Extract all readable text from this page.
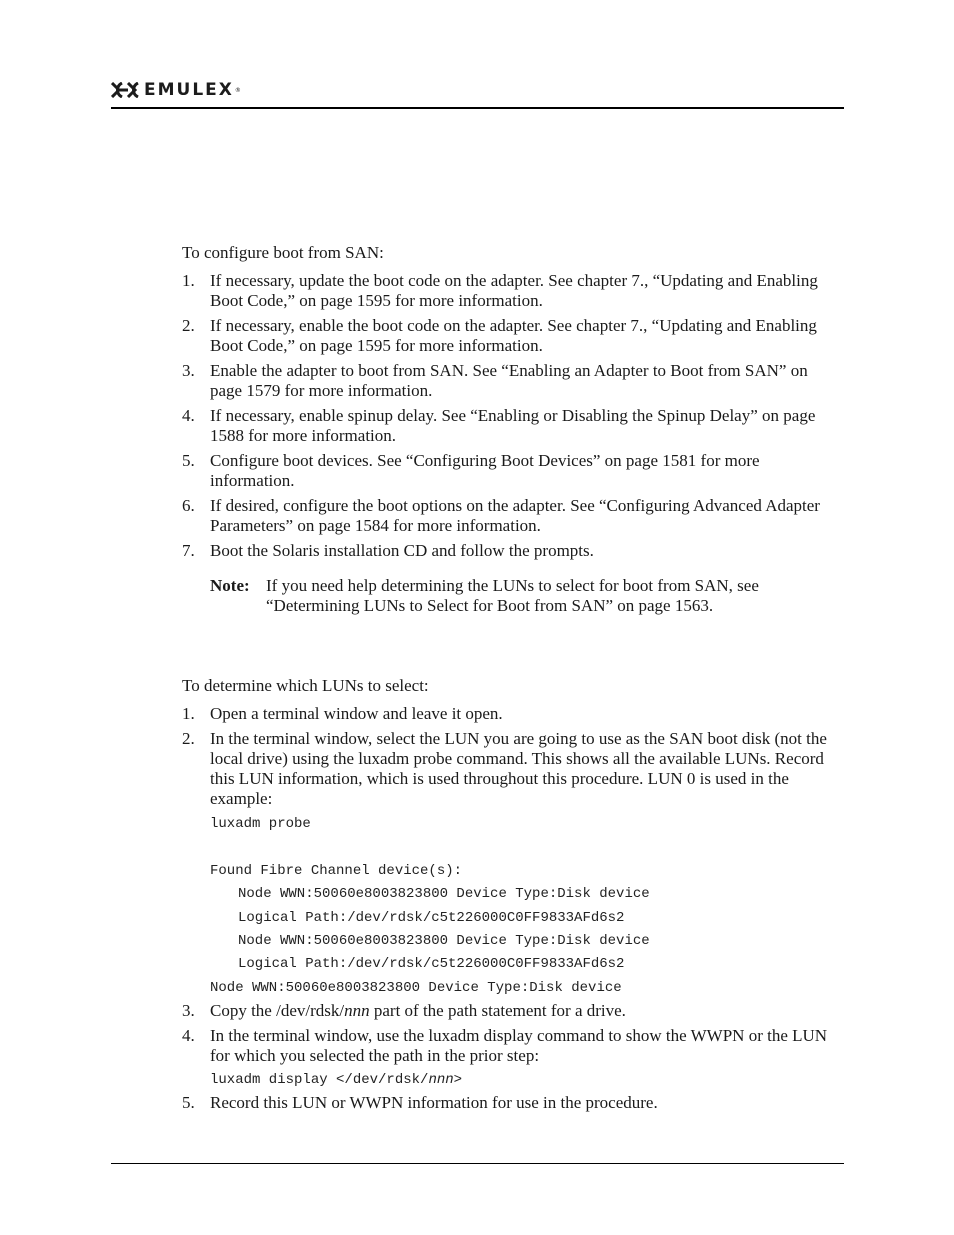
EMULEX ®

To configure boot from SAN:

1. If necessary, update the boot code on the adapter. See chapter 7., “Updating and Enabling Boot Code,” on page 1595 for more information.
2. If necessary, enable the boot code on the adapter. See chapter 7., “Updating and Enabling Boot Code,” on page 1595 for more information.
3. Enable the adapter to boot from SAN. See “Enabling an Adapter to Boot from SAN” on page 1579 for more information.
4. If necessary, enable spinup delay. See “Enabling or Disabling the Spinup Delay” on page 1588 for more information.
5. Configure boot devices. See “Configuring Boot Devices” on page 1581 for more information.
6. If desired, configure the boot options on the adapter. See “Configuring Advanced Adapter Parameters” on page 1584 for more information.
7. Boot the Solaris installation CD and follow the prompts.
Note: If you need help determining the LUNs to select for boot from SAN, see “Determining LUNs to Select for Boot from SAN” on page 1563.

To determine which LUNs to select:

1. Open a terminal window and leave it open.
2. In the terminal window, select the LUN you are going to use as the SAN boot disk (not the local drive) using the luxadm probe command. This shows all the available LUNs. Record this LUN information, which is used throughout this procedure. LUN 0 is used in the example:
luxadm probe

Found Fibre Channel device(s):
Node WWN:50060e8003823800 Device Type:Disk device
Logical Path:/dev/rdsk/c5t226000C0FF9833AFd6s2
Node WWN:50060e8003823800 Device Type:Disk device
Logical Path:/dev/rdsk/c5t226000C0FF9833AFd6s2
Node WWN:50060e8003823800 Device Type:Disk device
3. Copy the /dev/rdsk/nnn part of the path statement for a drive.
4. In the terminal window, use the luxadm display command to show the WWPN or the LUN for which you selected the path in the prior step:
luxadm display </dev/rdsk/nnn>
5. Record this LUN or WWPN information for use in the procedure.
